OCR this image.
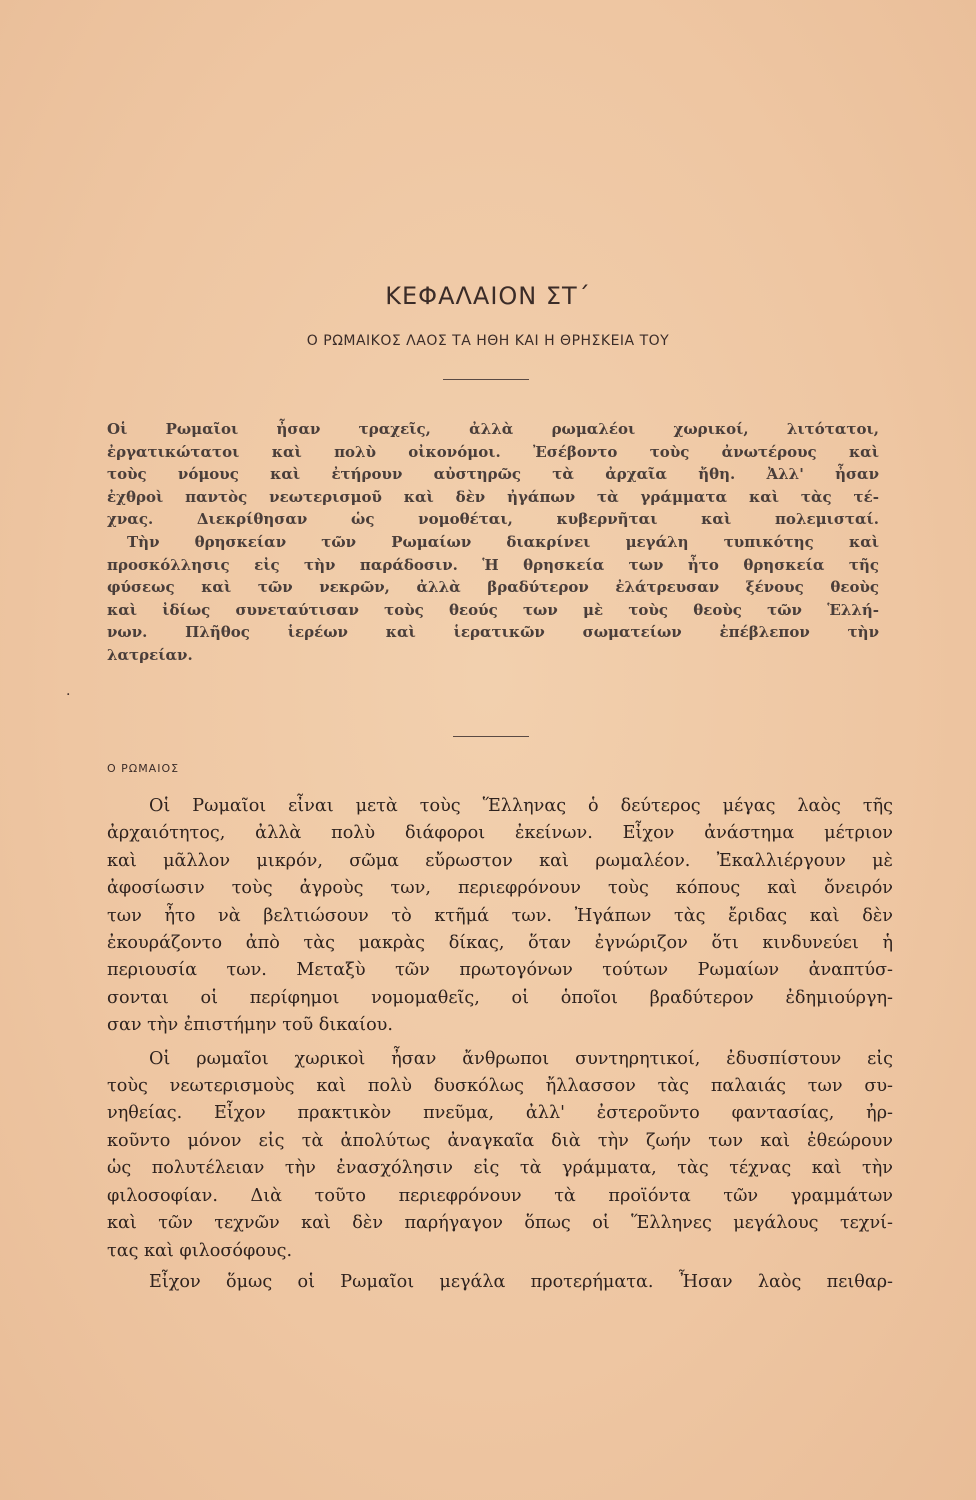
ΚΕΦΑΛΑΙΟΝ ΣΤ΄
Ο ΡΩΜΑΙΚΟΣ ΛΑΟΣ ΤΑ ΗΘΗ ΚΑΙ Η ΘΡΗΣΚΕΙΑ ΤΟΥ
Οἱ Ρωμαῖοι ἦσαν τραχεῖς, ἀλλὰ ρωμαλέοι χωρικοί, λιτότατοι,
ἐργατικώτατοι καὶ πολὺ οἰκονόμοι. Ἐσέβοντο τοὺς ἀνωτέρους καὶ
τοὺς νόμους καὶ ἐτήρουν αὐστηρῶς τὰ ἀρχαῖα ἤθη. Ἀλλ' ἦσαν
ἐχθροὶ παντὸς νεωτερισμοῦ καὶ δὲν ἠγάπων τὰ γράμματα καὶ τὰς τέ-
χνας. Διεκρίθησαν ὡς νομοθέται, κυβερνῆται καὶ πολεμισταί.
Τὴν θρησκείαν τῶν Ρωμαίων διακρίνει μεγάλη τυπικότης καὶ
προσκόλλησις εἰς τὴν παράδοσιν. Ἡ θρησκεία των ἦτο θρησκεία τῆς
φύσεως καὶ τῶν νεκρῶν, ἀλλὰ βραδύτερον ἐλάτρευσαν ξένους θεοὺς
καὶ ἰδίως συνεταύτισαν τοὺς θεούς των μὲ τοὺς θεοὺς τῶν Ἑλλή-
νων. Πλῆθος ἱερέων καὶ ἱερατικῶν σωματείων ἐπέβλεπον τὴν
λατρείαν.
.
Ο ΡΩΜΑΙΟΣ
Οἱ Ρωμαῖοι εἶναι μετὰ τοὺς Ἕλληνας ὁ δεύτερος μέγας λαὸς τῆς
ἀρχαιότητος, ἀλλὰ πολὺ διάφοροι ἐκείνων. Εἶχον ἀνάστημα μέτριον
καὶ μᾶλλον μικρόν, σῶμα εὔρωστον καὶ ρωμαλέον. Ἐκαλλιέργουν μὲ
ἀφοσίωσιν τοὺς ἀγροὺς των, περιεφρόνουν τοὺς κόπους καὶ ὄνειρόν
των ἦτο νὰ βελτιώσουν τὸ κτῆμά των. Ἠγάπων τὰς ἔριδας καὶ δὲν
ἐκουράζοντο ἀπὸ τὰς μακρὰς δίκας, ὅταν ἐγνώριζον ὅτι κινδυνεύει ἡ
περιουσία των. Μεταξὺ τῶν πρωτογόνων τούτων Ρωμαίων ἀναπτύσ-
σονται οἱ περίφημοι νομομαθεῖς, οἱ ὁποῖοι βραδύτερον ἐδημιούργη-
σαν τὴν ἐπιστήμην τοῦ δικαίου.
Οἱ ρωμαῖοι χωρικοὶ ἦσαν ἄνθρωποι συντηρητικοί, ἐδυσπίστουν εἰς
τοὺς νεωτερισμοὺς καὶ πολὺ δυσκόλως ἤλλασσον τὰς παλαιάς των συ-
νηθείας. Εἶχον πρακτικὸν πνεῦμα, ἀλλ' ἐστεροῦντο φαντασίας, ἠρ-
κοῦντο μόνον εἰς τὰ ἀπολύτως ἀναγκαῖα διὰ τὴν ζωήν των καὶ ἐθεώρουν
ὡς πολυτέλειαν τὴν ἐνασχόλησιν εἰς τὰ γράμματα, τὰς τέχνας καὶ τὴν
φιλοσοφίαν. Διὰ τοῦτο περιεφρόνουν τὰ προϊόντα τῶν γραμμάτων
καὶ τῶν τεχνῶν καὶ δὲν παρήγαγον ὅπως οἱ Ἕλληνες μεγάλους τεχνί-
τας καὶ φιλοσόφους.
Εἶχον ὅμως οἱ Ρωμαῖοι μεγάλα προτερήματα. Ἦσαν λαὸς πειθαρ-
